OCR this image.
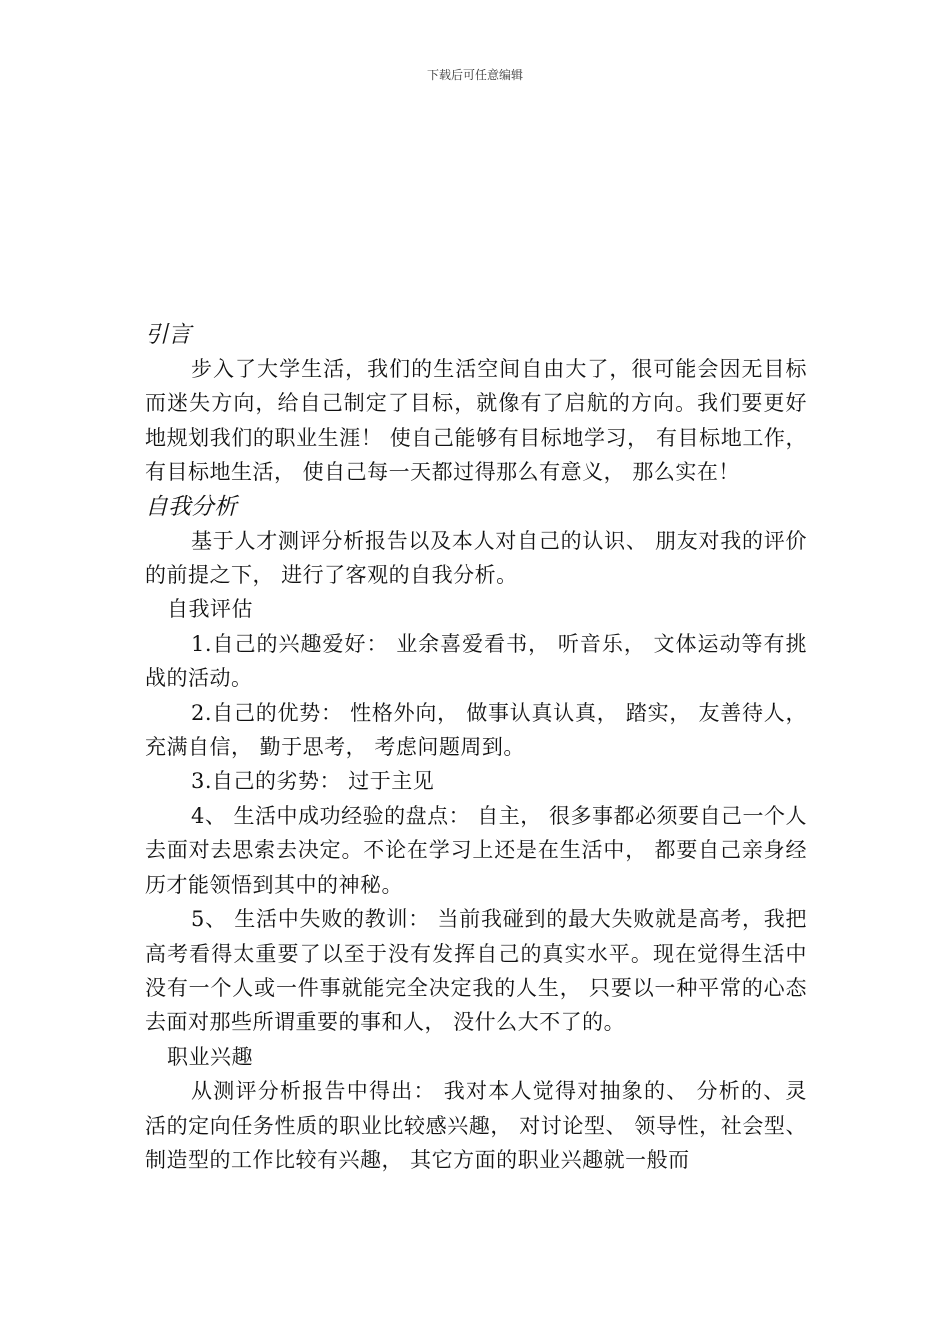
下载后可任意编辑
引言

步入了大学生活，我们的生活空间自由大了，很可能会因无目标而迷失方向，给自己制定了目标，就像有了启航的方向。我们要更好地规划我们的职业生涯！ 使自己能够有目标地学习， 有目标地工作， 有目标地生活， 使自己每一天都过得那么有意义， 那么实在！

自我分析

基于人才测评分析报告以及本人对自己的认识、 朋友对我的评价的前提之下， 进行了客观的自我分析。

自我评估

1.自己的兴趣爱好： 业余喜爱看书， 听音乐， 文体运动等有挑战的活动。

2.自己的优势： 性格外向， 做事认真认真， 踏实， 友善待人，充满自信， 勤于思考， 考虑问题周到。

3.自己的劣势： 过于主见

4、 生活中成功经验的盘点： 自主， 很多事都必须要自己一个人去面对去思索去决定。不论在学习上还是在生活中， 都要自己亲身经历才能领悟到其中的神秘。

5、 生活中失败的教训： 当前我碰到的最大失败就是高考，我把高考看得太重要了以至于没有发挥自己的真实水平。现在觉得生活中没有一个人或一件事就能完全决定我的人生， 只要以一种平常的心态去面对那些所谓重要的事和人， 没什么大不了的。

职业兴趣

从测评分析报告中得出： 我对本人觉得对抽象的、 分析的、灵活的定向任务性质的职业比较感兴趣， 对讨论型、 领导性，社会型、 制造型的工作比较有兴趣， 其它方面的职业兴趣就一般而
